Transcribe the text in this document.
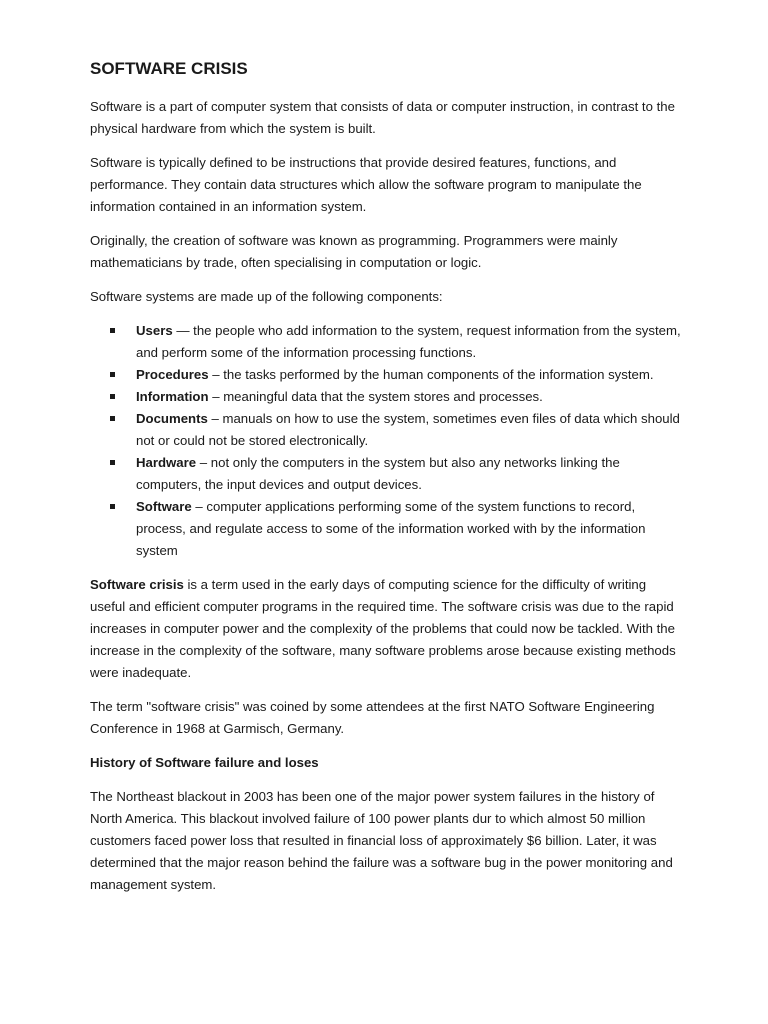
SOFTWARE CRISIS

Software is a part of computer system that consists of data or computer instruction, in contrast to the physical hardware from which the system is built.

Software is typically defined to be instructions that provide desired features, functions, and performance. They contain data structures which allow the software program to manipulate the information contained in an information system.

Originally, the creation of software was known as programming. Programmers were mainly mathematicians by trade, often specialising in computation or logic.

Software systems are made up of the following components:

Users — the people who add information to the system, request information from the system, and perform some of the information processing functions.
Procedures – the tasks performed by the human components of the information system.
Information – meaningful data that the system stores and processes.
Documents – manuals on how to use the system, sometimes even files of data which should not or could not be stored electronically.
Hardware – not only the computers in the system but also any networks linking the computers, the input devices and output devices.
Software – computer applications performing some of the system functions to record, process, and regulate access to some of the information worked with by the information system

Software crisis is a term used in the early days of computing science for the difficulty of writing useful and efficient computer programs in the required time. The software crisis was due to the rapid increases in computer power and the complexity of the problems that could now be tackled. With the increase in the complexity of the software, many software problems arose because existing methods were inadequate.

The term "software crisis" was coined by some attendees at the first NATO Software Engineering Conference in 1968 at Garmisch, Germany.

History of Software failure and loses

The Northeast blackout in 2003 has been one of the major power system failures in the history of North America. This blackout involved failure of 100 power plants dur to which almost 50 million customers faced power loss that resulted in financial loss of approximately $6 billion. Later, it was determined that the major reason behind the failure was a software bug in the power monitoring and management system.
